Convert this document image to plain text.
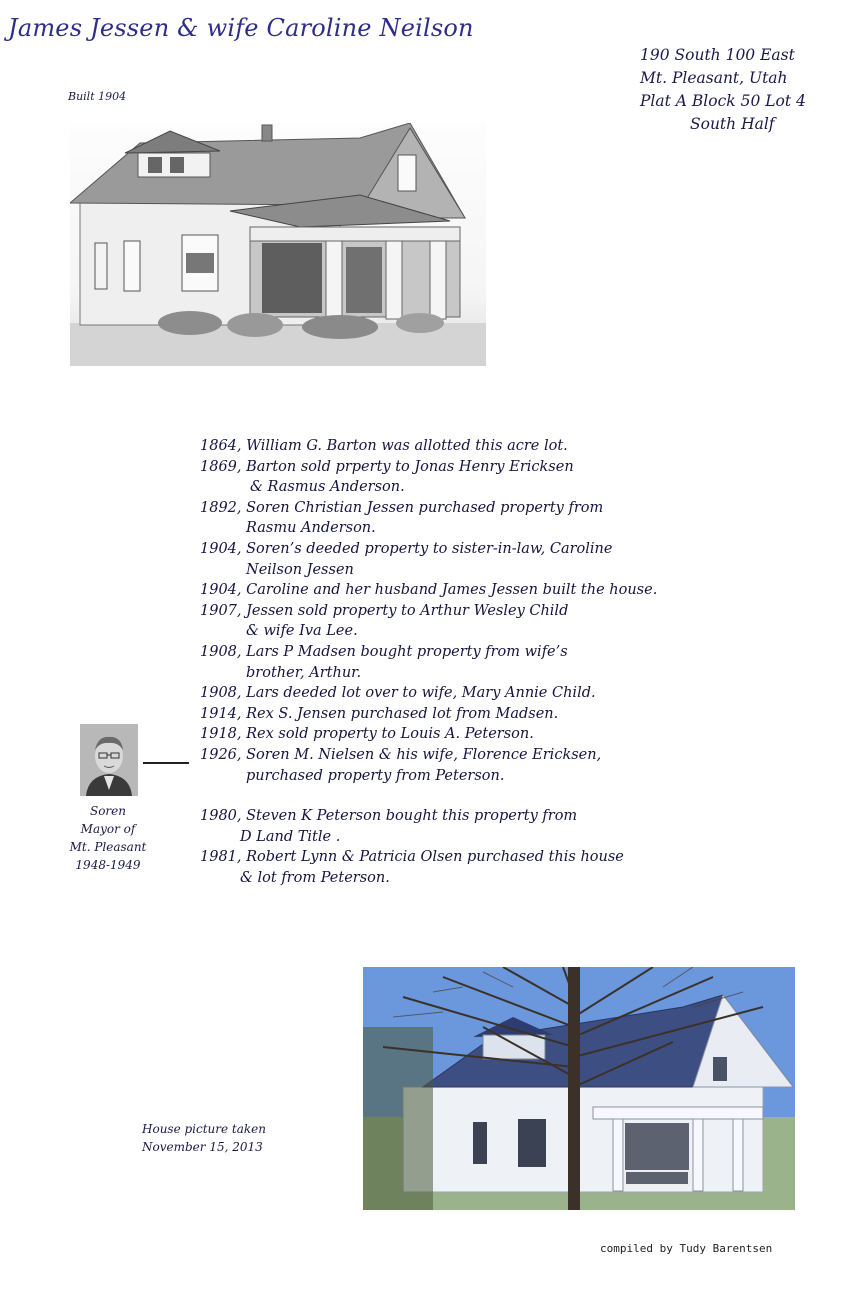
James Jessen & wife Caroline Neilson
190 South 100 East
Mt. Pleasant, Utah
Plat A Block 50 Lot 4
South Half
Built 1904
1864, William G. Barton was allotted this acre lot.
1869, Barton sold prperty to Jonas Henry Ericksen
& Rasmus Anderson.
1892, Soren Christian Jessen purchased property from
Rasmu Anderson.
1904, Soren’s deeded property to sister-in-law, Caroline
Neilson Jessen
1904, Caroline and her husband James Jessen built the house.
1907, Jessen sold property to Arthur Wesley Child
& wife Iva Lee.
1908, Lars P Madsen bought property from wife’s
brother, Arthur.
1908, Lars deeded lot over to wife, Mary Annie Child.
1914, Rex S. Jensen purchased lot from Madsen.
1918, Rex sold property to Louis A. Peterson.
1926, Soren M. Nielsen & his wife, Florence Ericksen,
purchased property from Peterson.
1980, Steven K Peterson bought this property from
D Land Title .
1981, Robert Lynn & Patricia Olsen purchased this house
& lot from Peterson.
Soren
Mayor of
Mt. Pleasant
1948-1949
House picture taken
November 15, 2013
compiled by Tudy Barentsen
